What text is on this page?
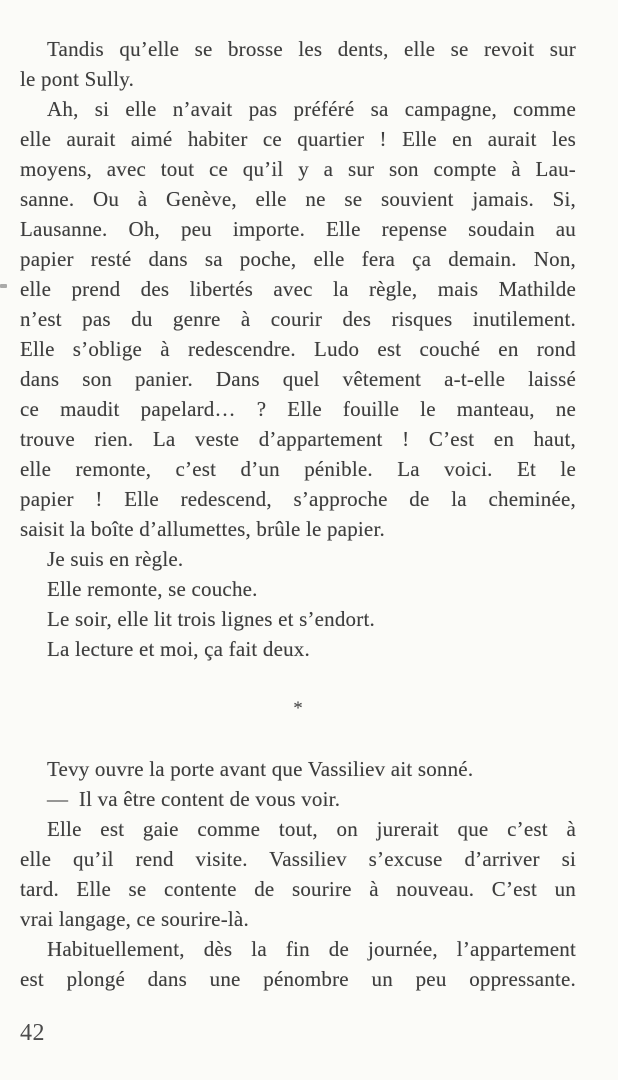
Tandis qu’elle se brosse les dents, elle se revoit sur
le pont Sully.
Ah, si elle n’avait pas préféré sa campagne, comme
elle aurait aimé habiter ce quartier ! Elle en aurait les
moyens, avec tout ce qu’il y a sur son compte à Lau-
sanne. Ou à Genève, elle ne se souvient jamais. Si,
Lausanne. Oh, peu importe. Elle repense soudain au
papier resté dans sa poche, elle fera ça demain. Non,
elle prend des libertés avec la règle, mais Mathilde
n’est pas du genre à courir des risques inutilement.
Elle s’oblige à redescendre. Ludo est couché en rond
dans son panier. Dans quel vêtement a-t-elle laissé
ce maudit papelard… ? Elle fouille le manteau, ne
trouve rien. La veste d’appartement ! C’est en haut,
elle remonte, c’est d’un pénible. La voici. Et le
papier ! Elle redescend, s’approche de la cheminée,
saisit la boîte d’allumettes, brûle le papier.
Je suis en règle.
Elle remonte, se couche.
Le soir, elle lit trois lignes et s’endort.
La lecture et moi, ça fait deux.
*
Tevy ouvre la porte avant que Vassiliev ait sonné.
— Il va être content de vous voir.
Elle est gaie comme tout, on jurerait que c’est à
elle qu’il rend visite. Vassiliev s’excuse d’arriver si
tard. Elle se contente de sourire à nouveau. C’est un
vrai langage, ce sourire-là.
Habituellement, dès la fin de journée, l’appartement
est plongé dans une pénombre un peu oppressante.
42
